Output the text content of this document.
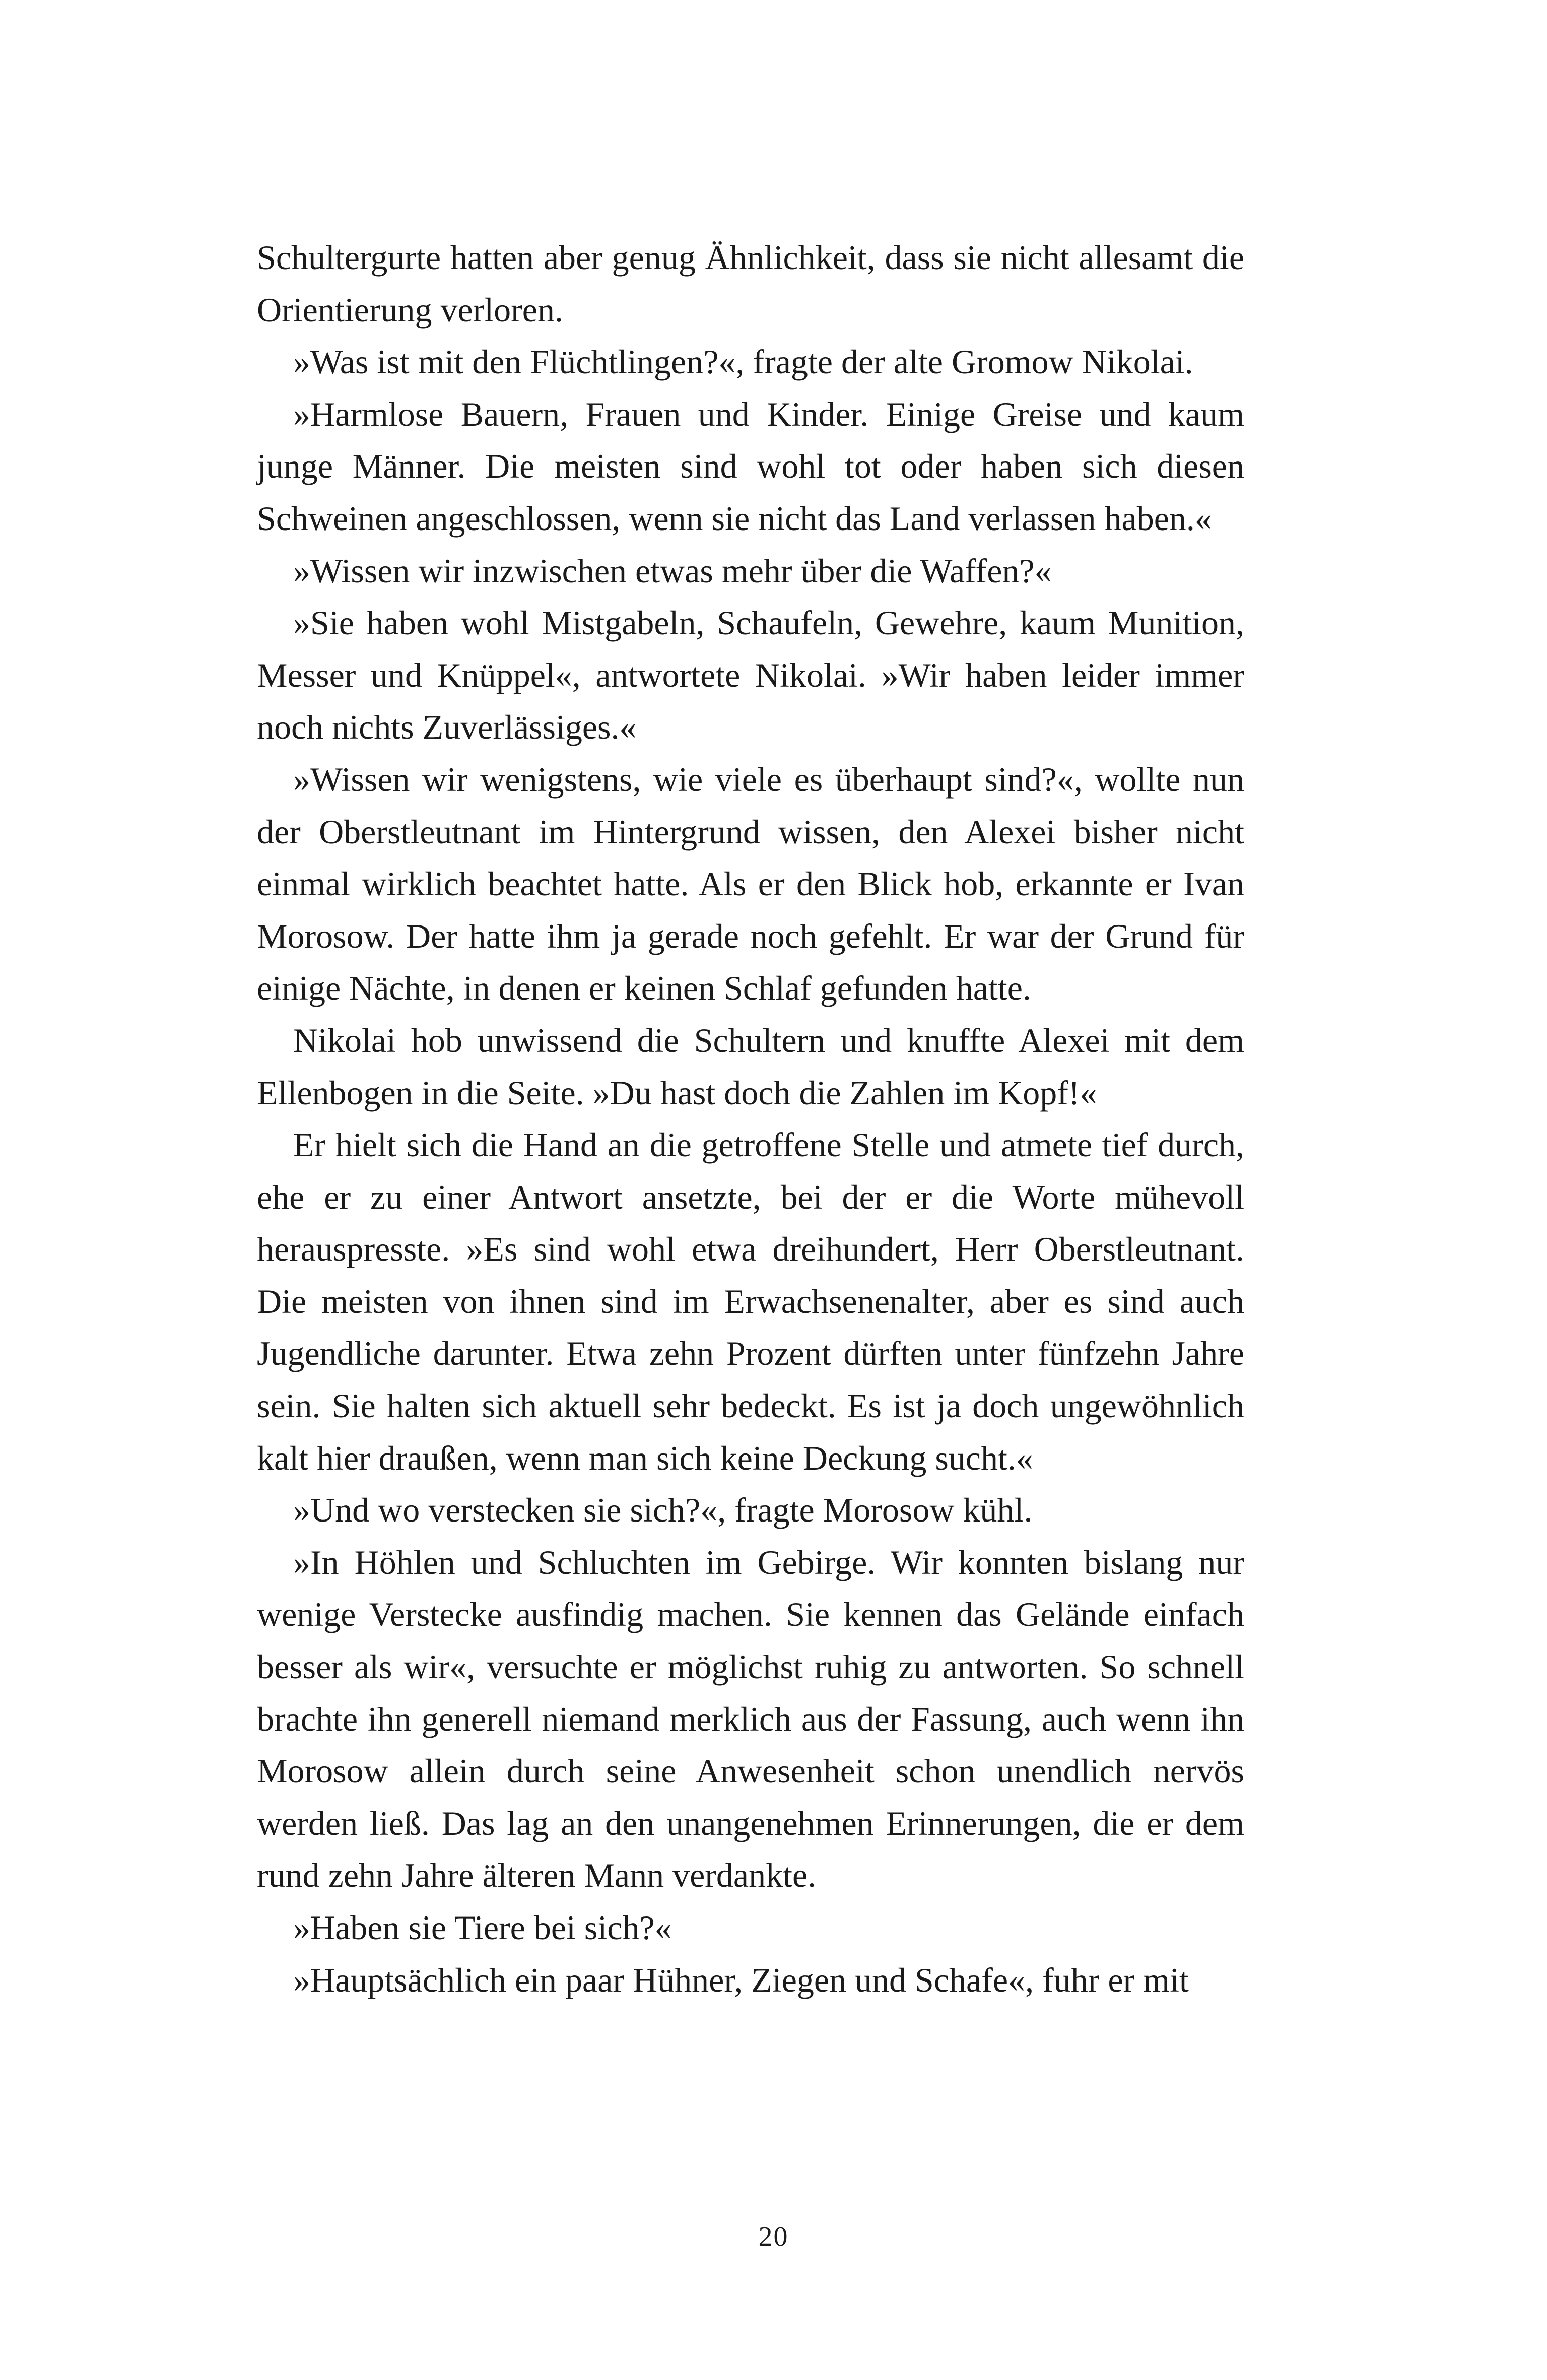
Schultergurte hatten aber genug Ähnlichkeit, dass sie nicht allesamt die Orientierung verloren.

»Was ist mit den Flüchtlingen?«, fragte der alte Gromow Nikolai.

»Harmlose Bauern, Frauen und Kinder. Einige Greise und kaum junge Männer. Die meisten sind wohl tot oder haben sich diesen Schweinen angeschlossen, wenn sie nicht das Land verlassen haben.«

»Wissen wir inzwischen etwas mehr über die Waffen?«

»Sie haben wohl Mistgabeln, Schaufeln, Gewehre, kaum Munition, Messer und Knüppel«, antwortete Nikolai. »Wir haben leider immer noch nichts Zuverlässiges.«

»Wissen wir wenigstens, wie viele es überhaupt sind?«, wollte nun der Oberstleutnant im Hintergrund wissen, den Alexei bisher nicht einmal wirklich beachtet hatte. Als er den Blick hob, erkannte er Ivan Morosow. Der hatte ihm ja gerade noch gefehlt. Er war der Grund für einige Nächte, in denen er keinen Schlaf gefunden hatte.

Nikolai hob unwissend die Schultern und knuffte Alexei mit dem Ellenbogen in die Seite. »Du hast doch die Zahlen im Kopf!«

Er hielt sich die Hand an die getroffene Stelle und atmete tief durch, ehe er zu einer Antwort ansetzte, bei der er die Worte mühevoll herauspresste. »Es sind wohl etwa dreihundert, Herr Oberstleutnant. Die meisten von ihnen sind im Erwachsenenalter, aber es sind auch Jugendliche darunter. Etwa zehn Prozent dürften unter fünfzehn Jahre sein. Sie halten sich aktuell sehr bedeckt. Es ist ja doch ungewöhnlich kalt hier draußen, wenn man sich keine Deckung sucht.«

»Und wo verstecken sie sich?«, fragte Morosow kühl.

»In Höhlen und Schluchten im Gebirge. Wir konnten bislang nur wenige Verstecke ausfindig machen. Sie kennen das Gelände einfach besser als wir«, versuchte er möglichst ruhig zu antworten. So schnell brachte ihn generell niemand merklich aus der Fassung, auch wenn ihn Morosow allein durch seine Anwesenheit schon unendlich nervös werden ließ. Das lag an den unangenehmen Erinnerungen, die er dem rund zehn Jahre älteren Mann verdankte.

»Haben sie Tiere bei sich?«

»Hauptsächlich ein paar Hühner, Ziegen und Schafe«, fuhr er mit

20
